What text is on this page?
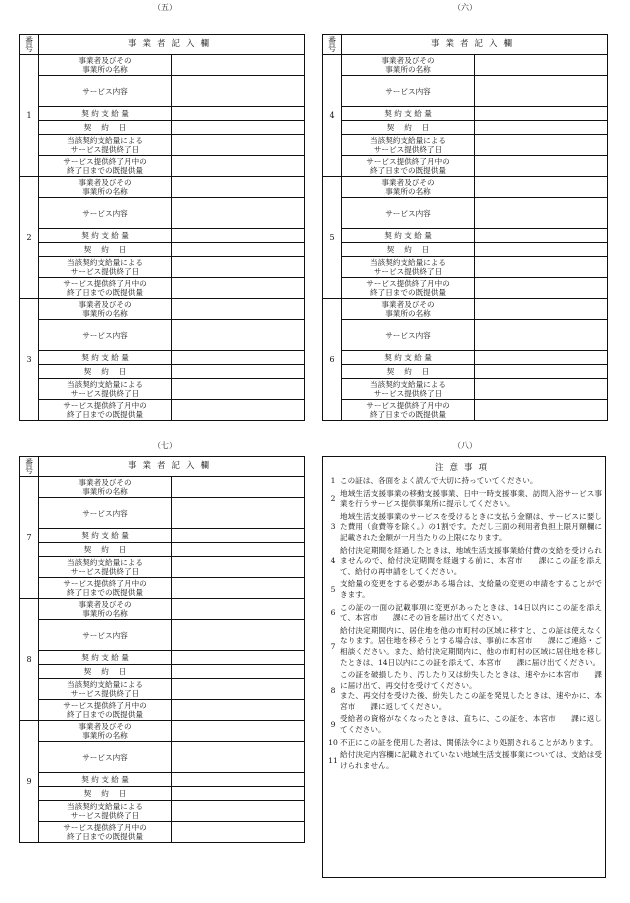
（五）	（六）
（七）	（八）
番
号	事業者記入欄	
1	事業者及びその
事業所の名称	
	サービス内容	
	契 約 支 給 量	
	契　 約 　日	
	当該契約支給量による
サービス提供終了日	
	サービス提供終了月中の
終了日までの既提供量	
2	事業者及びその
事業所の名称	
	サービス内容	
	契 約 支 給 量	
	契　 約 　日	
	当該契約支給量による
サービス提供終了日	
	サービス提供終了月中の
終了日までの既提供量	
3	事業者及びその
事業所の名称	
	サービス内容	
	契 約 支 給 量	
	契　 約 　日	
	当該契約支給量による
サービス提供終了日	
	サービス提供終了月中の
終了日までの既提供量	
番
号	事業者記入欄	
4	事業者及びその
事業所の名称	
	サービス内容	
	契 約 支 給 量	
	契　 約 　日	
	当該契約支給量による
サービス提供終了日	
	サービス提供終了月中の
終了日までの既提供量	
5	事業者及びその
事業所の名称	
	サービス内容	
	契 約 支 給 量	
	契　 約 　日	
	当該契約支給量による
サービス提供終了日	
	サービス提供終了月中の
終了日までの既提供量	
6	事業者及びその
事業所の名称	
	サービス内容	
	契 約 支 給 量	
	契　 約 　日	
	当該契約支給量による
サービス提供終了日	
	サービス提供終了月中の
終了日までの既提供量	
番
号	事業者記入欄	
7	事業者及びその
事業所の名称	
	サービス内容	
	契 約 支 給 量	
	契　 約 　日	
	当該契約支給量による
サービス提供終了日	
	サービス提供終了月中の
終了日までの既提供量	
8	事業者及びその
事業所の名称	
	サービス内容	
	契 約 支 給 量	
	契　 約 　日	
	当該契約支給量による
サービス提供終了日	
	サービス提供終了月中の
終了日までの既提供量	
9	事業者及びその
事業所の名称	
	サービス内容	
	契 約 支 給 量	
	契　 約 　日	
	当該契約支給量による
サービス提供終了日	
	サービス提供終了月中の
終了日までの既提供量	
注意事項
1 この証は、各面をよく読んで大切に持っていてください。
2
地域生活支援事業の移動支援事業、日中一時支援事業、訪問入浴サービス事業を行うサービス提供事業所に提示してください。
3
地域生活支援事業のサービスを受けるときに支払う金額は、サービスに要した費用（食費等を除く。）の1割です。ただし三面の利用者負担上限月額欄に記載された金額が一月当たりの上限になります。
4
給付決定期間を経過したときは、地域生活支援事業給付費の支給を受けられませんので、給付決定期間を経過する前に、本宮市　　課にこの証を添えて、給付の再申請をしてください。
5
支給量の変更をする必要がある場合は、支給量の変更の申請をすることができます。
6
この証の一面の記載事項に変更があったときは、14日以内にこの証を添えて、本宮市　　課にその旨を届け出てください。
7
給付決定期間内に、居住地を他の市町村の区域に移すと、この証は使えなくなります。居住地を移そうとする場合は、事前に本宮市　　課にご連絡・ご相談ください。また、給付決定期間内に、他の市町村の区域に居住地を移したときは、14日以内にこの証を添えて、本宮市　　課に届け出てください。
8
この証を破損したり、汚したり又は紛失したときは、速やかに本宮市　　課に届け出て、再交付を受けてください。
また、再交付を受けた後、紛失したこの証を発見したときは、速やかに、本宮市　　課に返してください。
9
受給者の資格がなくなったときは、直ちに、この証を、本宮市　　課に返してください。
10 不正にこの証を使用した者は、関係法令により処罰されることがあります。
11
給付決定内容欄に記載されていない地域生活支援事業については、支給は受けられません。
